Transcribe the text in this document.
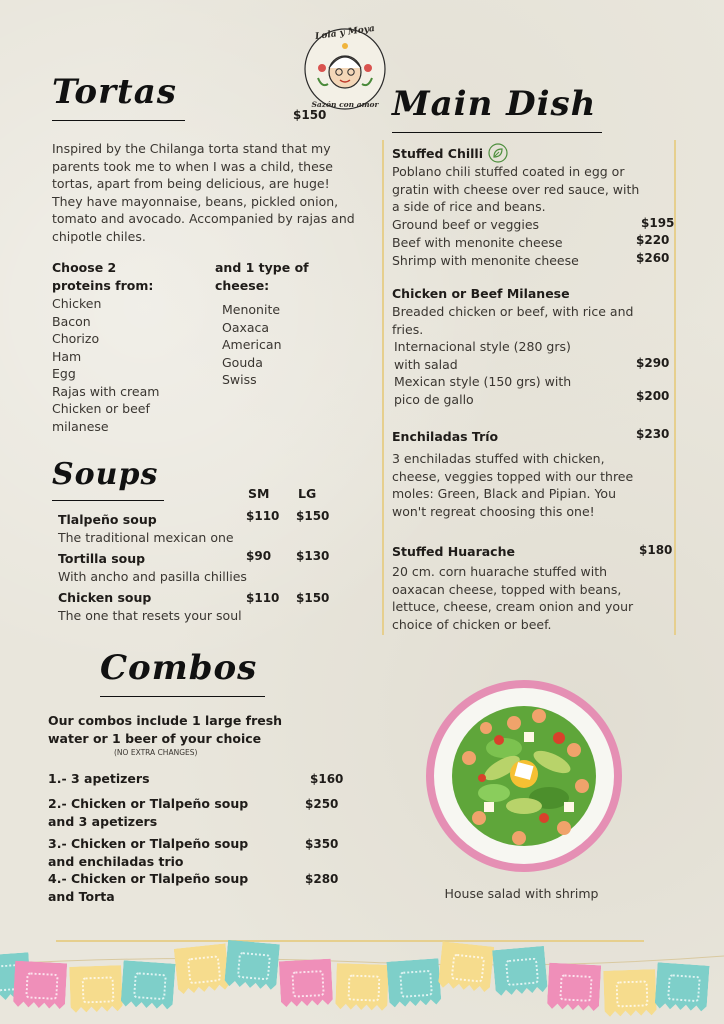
Lola y Moya
Sazón con amor
Tortas
$150
Inspired by the Chilanga torta stand that my parents took me to when I was a child, these tortas, apart from being delicious, are huge! They have mayonnaise, beans, pickled onion, tomato and avocado. Accompanied by rajas and chipotle chiles.
Choose 2 proteins from:
Chicken
Bacon
Chorizo
Ham
Egg
Rajas with cream
Chicken or beef milanese
and 1 type of cheese:
Menonite
Oaxaca
American
Gouda
Swiss
Soups
SM LG
Tlalpeño soup
The traditional mexican one
$110 $150
Tortilla soup
With ancho and pasilla chillies
$90 $130
Chicken soup
The one that resets your soul
$110 $150
Combos
Our combos include 1 large fresh water or 1 beer of your choice
(NO EXTRA CHANGES)
1.- 3 apetizers	$160
2.- Chicken or Tlalpeño soup and 3 apetizers
$250
3.- Chicken or Tlalpeño soup and enchiladas trio
$350
4.- Chicken or Tlalpeño soup and Torta
$280
Main Dish
Stuffed Chilli
Poblano chili stuffed coated in egg or gratin with cheese over red sauce, with a side of rice and beans.
Ground beef or veggies	$195
Beef with menonite cheese	$220
Shrimp with menonite cheese	$260
Chicken or Beef Milanese
Breaded chicken or beef, with rice and fries.
Internacional style (280 grs) with salad	$290
Mexican style (150 grs) with pico de gallo	$200
Enchiladas Trío	$230
3 enchiladas stuffed with chicken, cheese, veggies topped with our three moles: Green, Black and Pipian. You won't regreat choosing this one!
Stuffed Huarache	$180
20 cm. corn huarache stuffed with oaxacan cheese, topped with beans, lettuce, cheese, cream onion and your choice of chicken or beef.
House salad with shrimp
